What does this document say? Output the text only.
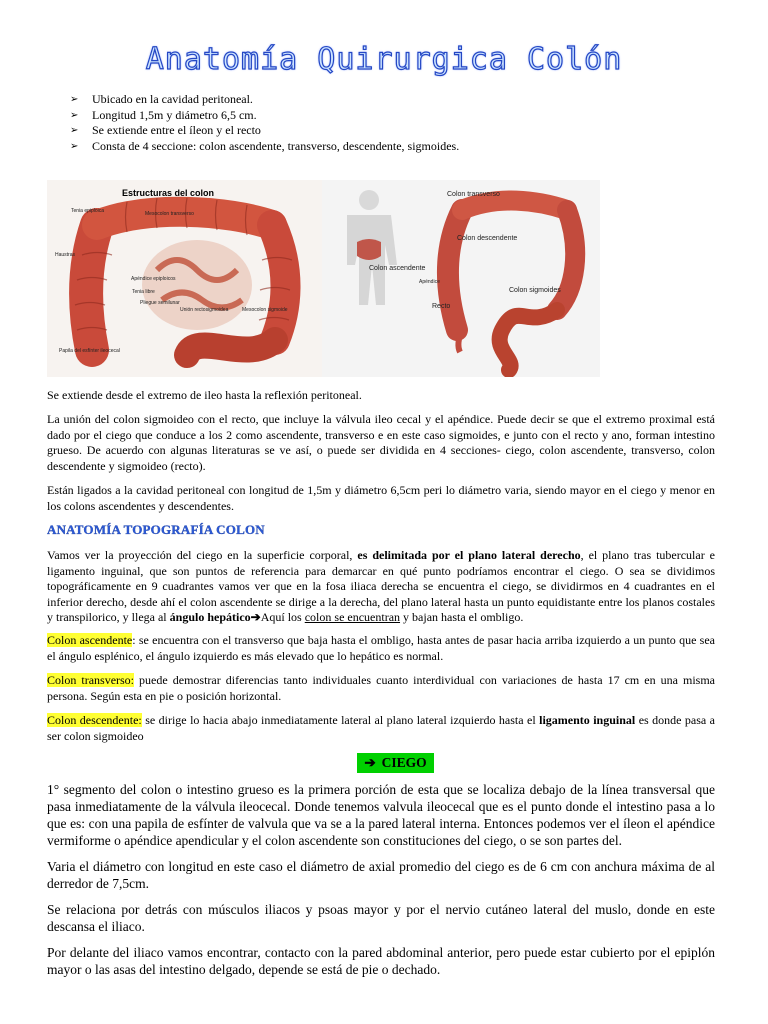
Anatomía Quirurgica Colón
➢	Ubicado en la cavidad peritoneal.
➢	Longitud 1,5m y diámetro 6,5 cm.
➢	Se extiende entre el íleon y el recto
➢	Consta de 4 seccione: colon ascendente, transverso, descendente, sigmoides.
Estructuras del colon
Tenia epiploica	Mesocolon transverso
Haustras
Apéndice epiploicos
Tenia libre
Pliegue semilunar
Unión rectosigmoidea	Mesocolon sigmoide
Papila del esfínter ileocecal
Colon transverso
Colon descendente
Colon ascendente
Colon sigmoides
Recto
Apéndice

Se extiende desde el extremo de ileo hasta la reflexión peritoneal.

La unión del colon sigmoideo con el recto, que incluye la válvula ileo cecal y el apéndice. Puede decir se que el extremo proximal está dado por el ciego que conduce a los 2 como ascendente, transverso e en este caso sigmoides, e junto con el recto y ano, forman intestino grueso. De acuerdo con algunas literaturas se ve así, o puede ser dividida en 4 secciones- ciego, colon ascendente, transverso, colon descendente y sigmoideo (recto).

Están ligados a la cavidad peritoneal con longitud de 1,5m y diámetro 6,5cm peri lo diámetro varia, siendo mayor en el ciego y menor en los colons ascendentes y descendentes.

ANATOMÍA TOPOGRAFÍA COLON

Vamos ver la proyección del ciego en la superficie corporal, es delimitada por el plano lateral derecho, el plano tras tubercular e ligamento inguinal, que son puntos de referencia para demarcar en qué punto podríamos encontrar el ciego. O sea se dividimos topográficamente en 9 cuadrantes vamos ver que en la fosa iliaca derecha se encuentra el ciego, se dividirmos en 4 cuadrantes en el inferior derecho, desde ahí el colon ascendente se dirige a la derecha, del plano lateral hasta un punto equidistante entre los planos costales y transpilorico, y llega al ángulo hepático➔Aquí los colon se encuentran y bajan hasta el ombligo.

Colon ascendente: se encuentra con el transverso que baja hasta el ombligo, hasta antes de pasar hacia arriba izquierdo a un punto que sea el ángulo esplénico, el ángulo izquierdo es más elevado que lo hepático es normal.

Colon transverso: puede demostrar diferencias tanto individuales cuanto interdividual con variaciones de hasta 17 cm en una misma persona. Según esta en pie o posición horizontal.

Colon descendente: se dirige lo hacia abajo inmediatamente lateral al plano lateral izquierdo hasta el ligamento inguinal es donde pasa a ser colon sigmoideo

➔ CIEGO

1° segmento del colon o intestino grueso es la primera porción de esta que se localiza debajo de la línea transversal que pasa inmediatamente de la válvula ileocecal. Donde tenemos valvula ileocecal que es el punto donde el intestino pasa a lo que es: con una papila de esfínter de valvula que va se a la pared lateral interna. Entonces podemos ver el íleon el apéndice vermiforme o apéndice apendicular y el colon ascendente son constituciones del ciego, o se son partes del.

Varia el diámetro con longitud en este caso el diámetro de axial promedio del ciego es de 6 cm con anchura máxima de al derredor de 7,5cm.

Se relaciona por detrás con músculos iliacos y psoas mayor y por el nervio cutáneo lateral del muslo, donde en este descansa el iliaco.

Por delante del iliaco vamos encontrar, contacto con la pared abdominal anterior, pero puede estar cubierto por el epiplón mayor o las asas del intestino delgado, depende se está de pie o dechado.
